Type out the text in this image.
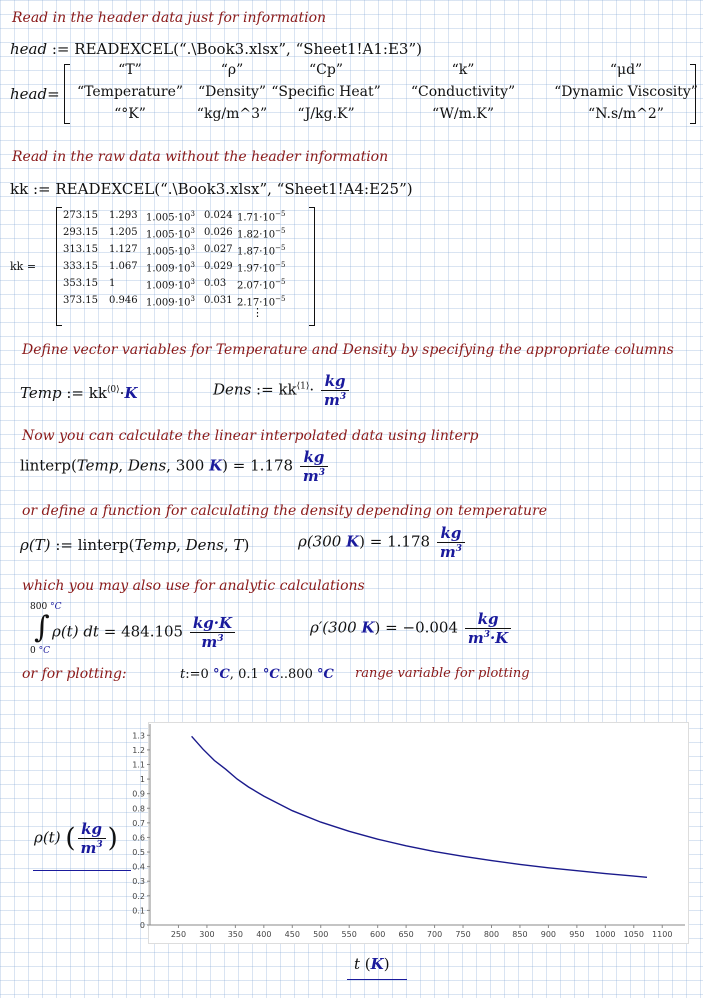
Read in the header data just for information
head := READEXCEL(“.\Book3.xlsx”, “Sheet1!A1:E3”)
head=
“T”	“ρ”	“Cp”	“k”	“μd”
“Temperature” “Density” “Specific Heat” “Conductivity”	“Dynamic Viscosity”
“°K”	“kg/m^3” “J/kg.K”	“W/m.K”	“N.s/m^2”
Read in the raw data without the header information
kk := READEXCEL(“.\Book3.xlsx”, “Sheet1!A4:E25”)
kk =
⋮
273.15 1.293 $1.005\cdot 10^3$ 0.024 $1.71\cdot 10^{-5}$
293.15 1.205 $1.005\cdot 10^3$ 0.026 $1.82\cdot 10^{-5}$
313.15 1.127 $1.005\cdot 10^3$ 0.027 $1.87\cdot 10^{-5}$
333.15 1.067 $1.009\cdot 10^3$ 0.029 $1.97\cdot 10^{-5}$
353.15 1	$1.009\cdot 10^3$ 0.03 $2.07\cdot 10^{-5}$
373.15 0.946 $1.009\cdot 10^3$ 0.031 $2.17\cdot 10^{-5}$
Define vector variables for Temperature and Density by specifying the appropriate columns
Temp := $kk^{⟨0⟩}\cdot K$	Dens := $kk^{⟨1⟩}\cdot \frac{kg}{m^3}$
Now you can calculate the linear interpolated data using linterp
linterp(Temp, Dens, 300 $K) = 1.178 \frac{kg}{m^3}$
or define a function for calculating the density depending on temperature
ρ(T) := linterp(Temp, Dens, T)	ρ(300 $K) = 1.178 \frac{kg}{m^3}$
which you may also use for analytic calculations
800 °C
∫
0 °C
ρ(t) dt = $484.105 \frac{kg\cdot K}{m^3}$	ρ′(300 $K) = -0.004 \frac{kg}{m^3\cdot K}$
or for plotting:	t:=0 °C, 0.1 °C..800 °C range variable for plotting
0
0.1
0.2
0.3
0.4
0.5
0.6
0.7
0.8
0.9
1
1.1
1.2
1.3
250 300 350 400 450 500 550 600 650 700 750 800 850 900 950 1000 1050 1100
ρ(t) ( $\frac{kg}{m^3}$ )
t (K)
